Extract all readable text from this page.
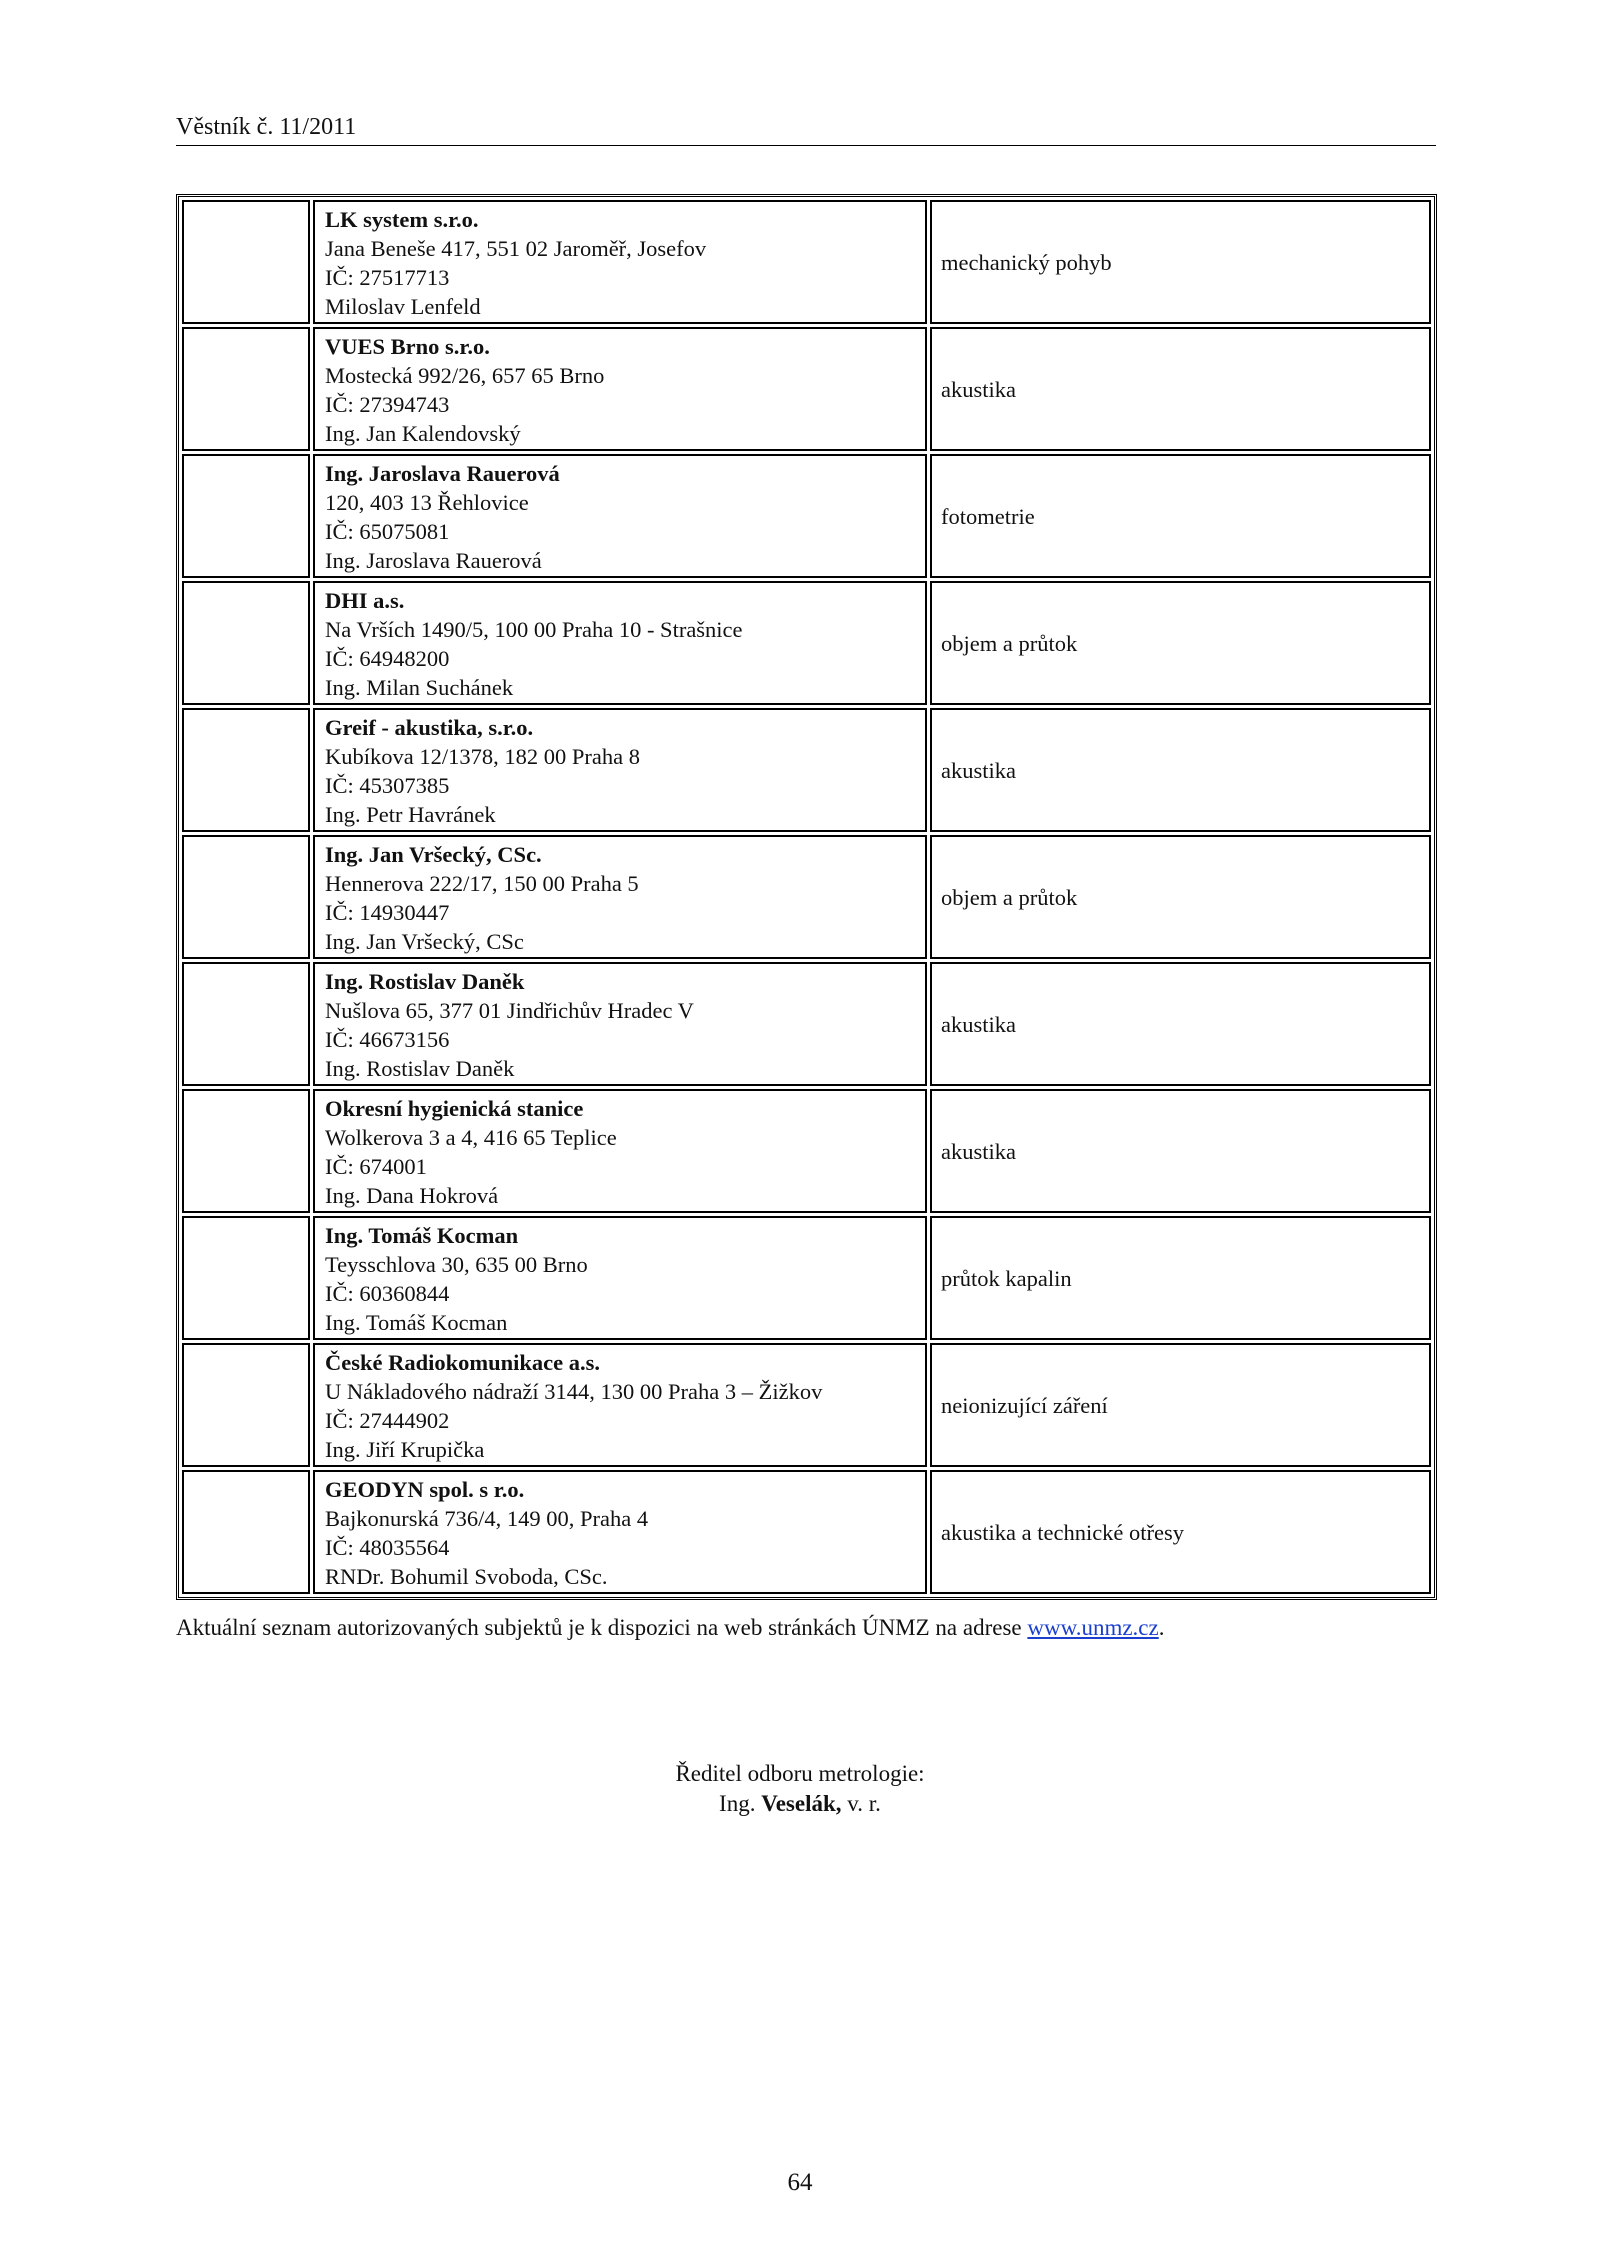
Věstník č. 11/2011

	LK system s.r.o.
Jana Beneše 417, 551 02 Jaroměř, Josefov
IČ: 27517713
Miloslav Lenfeld	mechanický pohyb

	VUES Brno s.r.o.
Mostecká 992/26, 657 65 Brno
IČ: 27394743
Ing. Jan Kalendovský	akustika

	Ing. Jaroslava Rauerová
120, 403 13 Řehlovice
IČ: 65075081
Ing. Jaroslava Rauerová	fotometrie

	DHI a.s.
Na Vrších 1490/5, 100 00 Praha 10 - Strašnice
IČ: 64948200
Ing. Milan Suchánek	objem a průtok

	Greif - akustika, s.r.o.
Kubíkova 12/1378, 182 00 Praha 8
IČ: 45307385
Ing. Petr Havránek	akustika

	Ing. Jan Vršecký, CSc.
Hennerova 222/17, 150 00 Praha 5
IČ: 14930447
Ing. Jan Vršecký, CSc	objem a průtok

	Ing. Rostislav Daněk
Nušlova 65, 377 01 Jindřichův Hradec V
IČ: 46673156
Ing. Rostislav Daněk	akustika

	Okresní hygienická stanice
Wolkerova 3 a 4, 416 65 Teplice
IČ: 674001
Ing. Dana Hokrová	akustika

	Ing. Tomáš Kocman
Teysschlova 30, 635 00 Brno
IČ: 60360844
Ing. Tomáš Kocman	průtok kapalin

	České Radiokomunikace a.s.
U Nákladového nádraží 3144, 130 00 Praha 3 – Žižkov
IČ: 27444902
Ing. Jiří Krupička	neionizující záření

	GEODYN spol. s r.o.
Bajkonurská 736/4, 149 00, Praha 4
IČ: 48035564
RNDr. Bohumil Svoboda, CSc.	akustika a technické otřesy
Aktuální seznam autorizovaných subjektů je k dispozici na web stránkách ÚNMZ na adrese www.unmz.cz.
Ředitel odboru metrologie:
Ing. Veselák, v. r.
64
